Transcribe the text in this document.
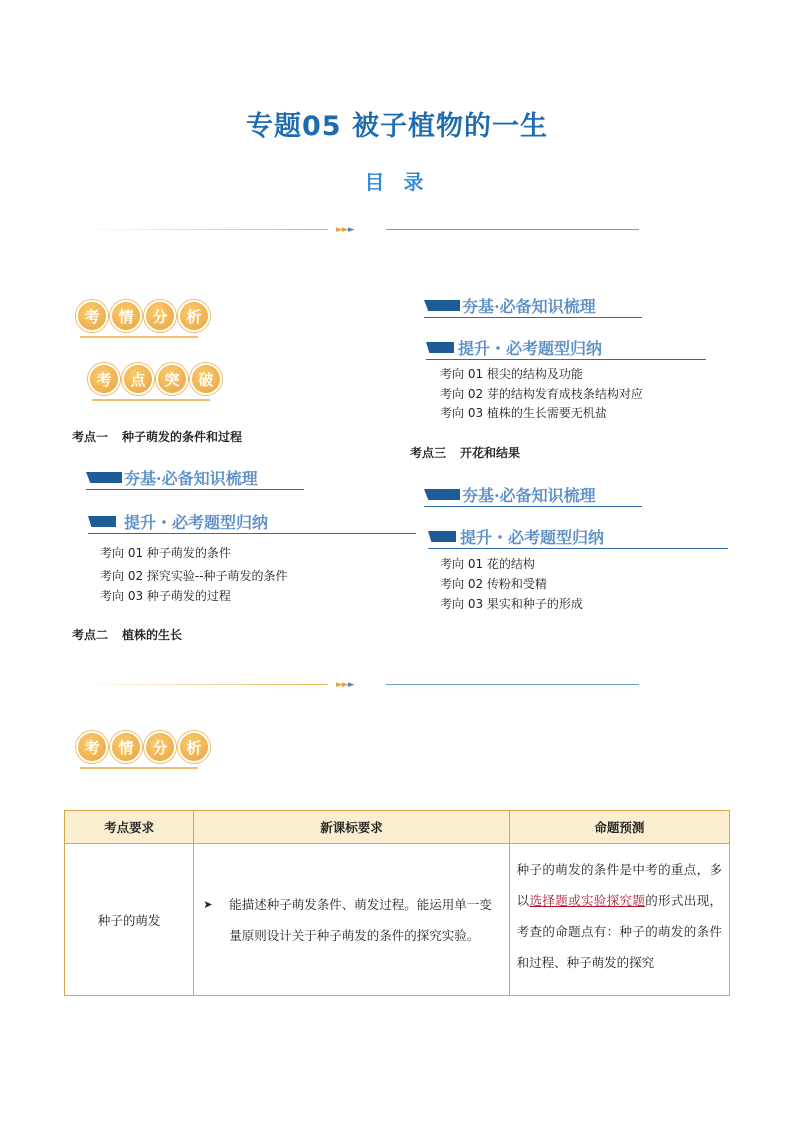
专题05 被子植物的一生
目 录
►►►
考	情	分	析
考	点	突	破
考点一 种子萌发的条件和过程
夯基·必备知识梳理
提升・必考题型归纳
考向 01 种子萌发的条件
考向 02 探究实验--种子萌发的条件
考向 03 种子萌发的过程
考点二 植株的生长
夯基·必备知识梳理
提升・必考题型归纳
考向 01 根尖的结构及功能
考向 02 芽的结构发育成枝条结构对应
考向 03 植株的生长需要无机盐
考点三 开花和结果
夯基·必备知识梳理
提升・必考题型归纳
考向 01 花的结构
考向 02 传粉和受精
考向 03 果实和种子的形成
►►►
考	情	分	析
考点要求	新课标要求	命题预测
种子的萌发	➤ 能描述种子萌发条件、萌发过程。能运用单一变量原则设计关于种子萌发的条件的探究实验。	种子的萌发的条件是中考的重点，多以选择题或实验探究题的形式出现，考查的命题点有：种子的萌发的条件和过程、种子萌发的探究
